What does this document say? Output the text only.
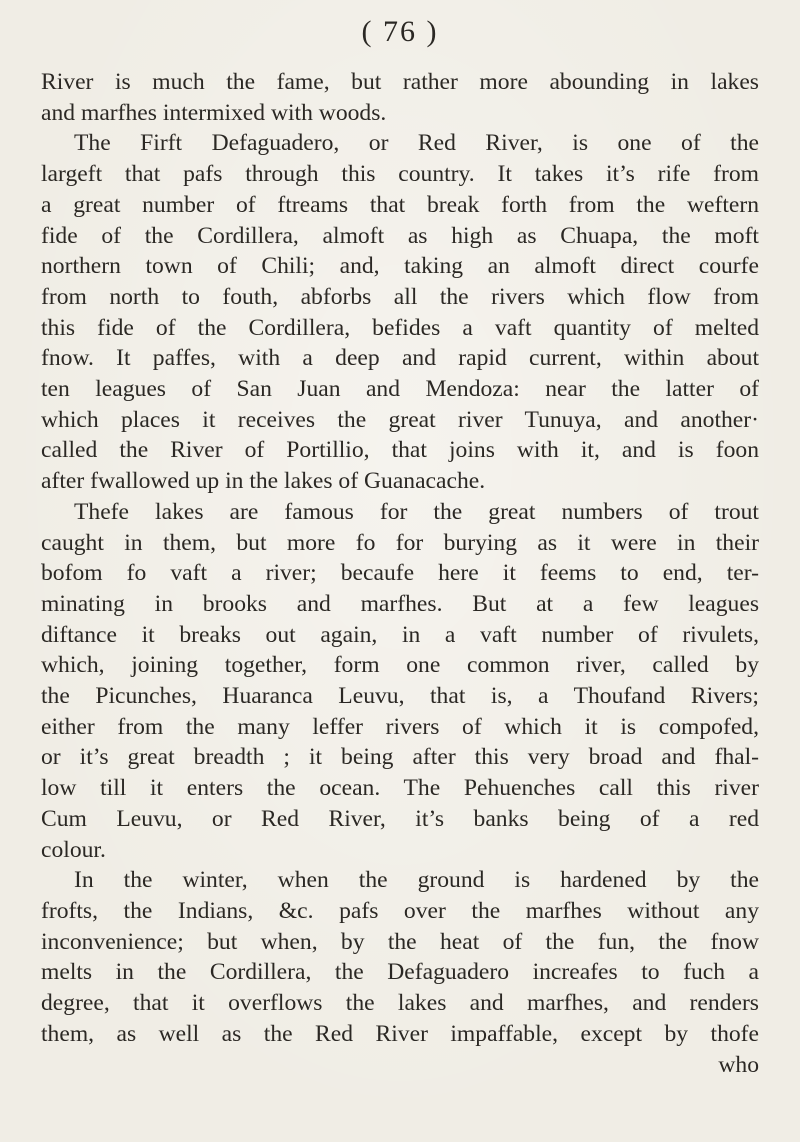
( 76 )
River is much the fame, but rather more abounding in lakes
and marfhes intermixed with woods.
The Firft Defaguadero, or Red River, is one of the
largeft that pafs through this country. It takes it’s rife from
a great number of ftreams that break forth from the weftern
fide of the Cordillera, almoft as high as Chuapa, the moft
northern town of Chili; and, taking an almoft direct courfe
from north to fouth, abforbs all the rivers which flow from
this fide of the Cordillera, befides a vaft quantity of melted
fnow. It paffes, with a deep and rapid current, within about
ten leagues of San Juan and Mendoza: near the latter of
which places it receives the great river Tunuya, and another·
called the River of Portillio, that joins with it, and is foon
after fwallowed up in the lakes of Guanacache.
Thefe lakes are famous for the great numbers of trout
caught in them, but more fo for burying as it were in their
bofom fo vaft a river; becaufe here it feems to end, ter-
minating in brooks and marfhes. But at a few leagues
diftance it breaks out again, in a vaft number of rivulets,
which, joining together, form one common river, called by
the Picunches, Huaranca Leuvu, that is, a Thoufand Rivers;
either from the many leffer rivers of which it is compofed,
or it’s great breadth ; it being after this very broad and fhal-
low till it enters the ocean. The Pehuenches call this river
Cum Leuvu, or Red River, it’s banks being of a red
colour.
In the winter, when the ground is hardened by the
frofts, the Indians, &c. pafs over the marfhes without any
inconvenience; but when, by the heat of the fun, the fnow
melts in the Cordillera, the Defaguadero increafes to fuch a
degree, that it overflows the lakes and marfhes, and renders
them, as well as the Red River impaffable, except by thofe
who
